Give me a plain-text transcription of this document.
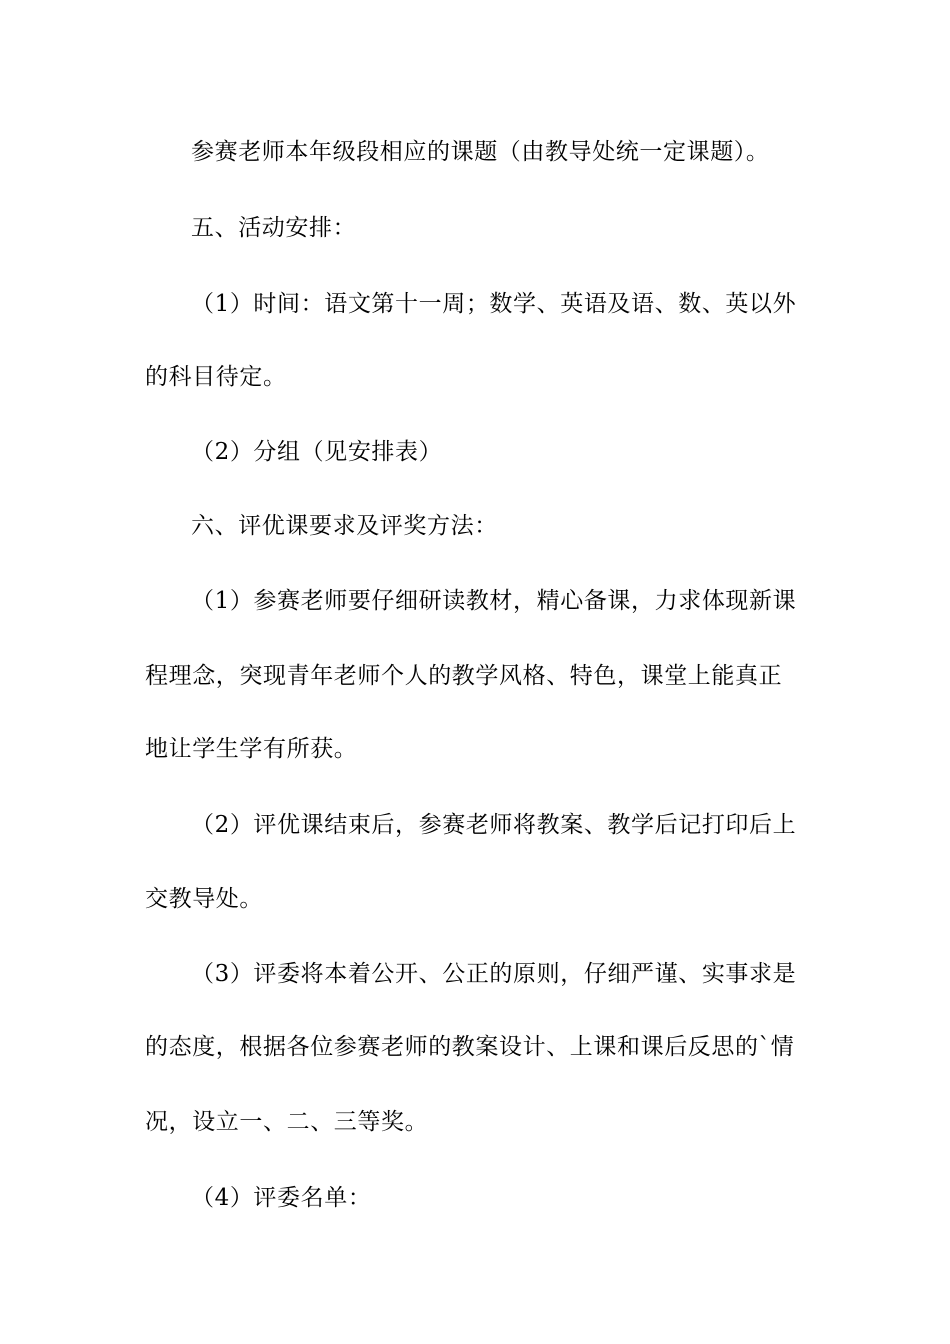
参赛老师本年级段相应的课题（由教导处统一定课题）。

五、活动安排：

（1）时间：语文第十一周；数学、英语及语、数、英以外

的科目待定。

（2）分组（见安排表）

六、评优课要求及评奖方法：

（1）参赛老师要仔细研读教材，精心备课，力求体现新课

程理念，突现青年老师个人的教学风格、特色，课堂上能真正

地让学生学有所获。

（2）评优课结束后，参赛老师将教案、教学后记打印后上

交教导处。

（3）评委将本着公开、公正的原则，仔细严谨、实事求是

的态度，根据各位参赛老师的教案设计、上课和课后反思的`情

况，设立一、二、三等奖。

（4）评委名单：
